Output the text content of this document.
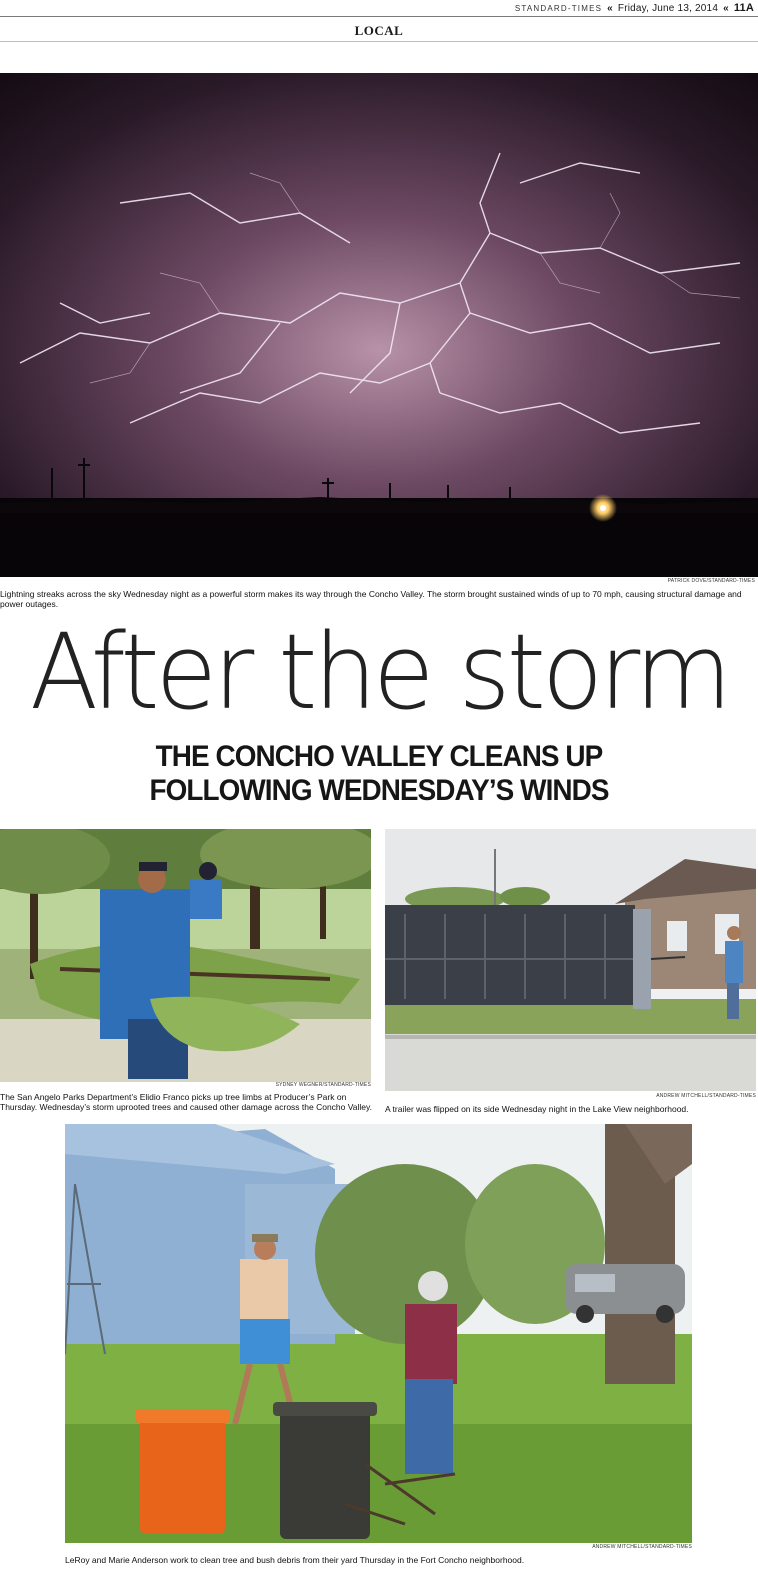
STANDARD-TIMES « Friday, June 13, 2014 « 11A
LOCAL
PATRICK DOVE/STANDARD-TIMES
Lightning streaks across the sky Wednesday night as a powerful storm makes its way through the Concho Valley. The storm brought sustained winds of up to 70 mph, causing structural damage and power outages.
After the storm
THE CONCHO VALLEY CLEANS UP
FOLLOWING WEDNESDAY’S WINDS
SYDNEY WEGNER/STANDARD-TIMES
The San Angelo Parks Department’s Elidio Franco picks up tree limbs at Producer’s Park on Thursday. Wednesday’s storm uprooted trees and caused other damage across the Concho Valley.
ANDREW MITCHELL/STANDARD-TIMES
A trailer was flipped on its side Wednesday night in the Lake View neighborhood.
ANDREW MITCHELL/STANDARD-TIMES
LeRoy and Marie Anderson work to clean tree and bush debris from their yard Thursday in the Fort Concho neighborhood.
